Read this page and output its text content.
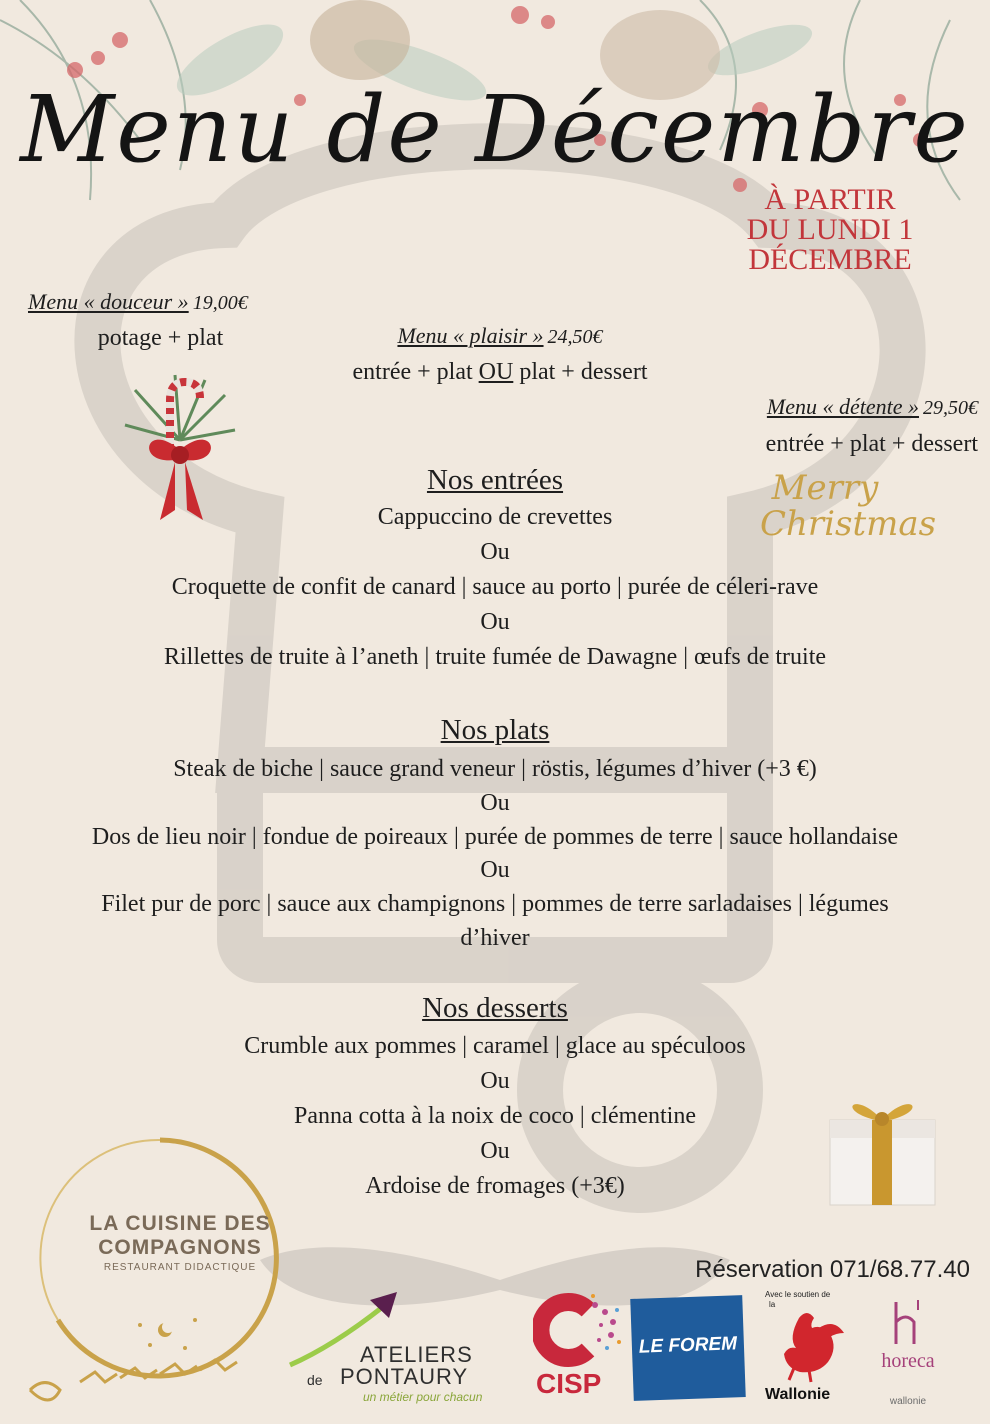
Menu de Décembre
À PARTIR
DU LUNDI 1
DÉCEMBRE
Menu « douceur » 19,00€
potage + plat	Menu « plaisir » 24,50€
entrée + plat OU plat + dessert
Menu « détente » 29,50€
entrée + plat + dessert
Merry
Christmas
Nos entrées
Cappuccino de crevettes
Ou
Croquette de confit de canard | sauce au porto | purée de céleri-rave
Ou
Rillettes de truite à l’aneth | truite fumée de Dawagne | œufs de truite
Nos plats
Steak de biche | sauce grand veneur | röstis, légumes d’hiver (+3 €)
Ou
Dos de lieu noir | fondue de poireaux | purée de pommes de terre | sauce hollandaise
Ou
Filet pur de porc | sauce aux champignons | pommes de terre sarladaises | légumes
d’hiver
Nos desserts
Crumble aux pommes | caramel | glace au spéculoos
Ou
Panna cotta à la noix de coco | clémentine
Ou
Ardoise de fromages (+3€)
Réservation 071/68.77.40
LA CUISINE DES
COMPAGNONS
RESTAURANT DIDACTIQUE
ATELIERS
de PONTAURY
un métier pour chacun CISP
LE FOREM
Avec le soutien de
la
Wallonie
horeca
wallonie
